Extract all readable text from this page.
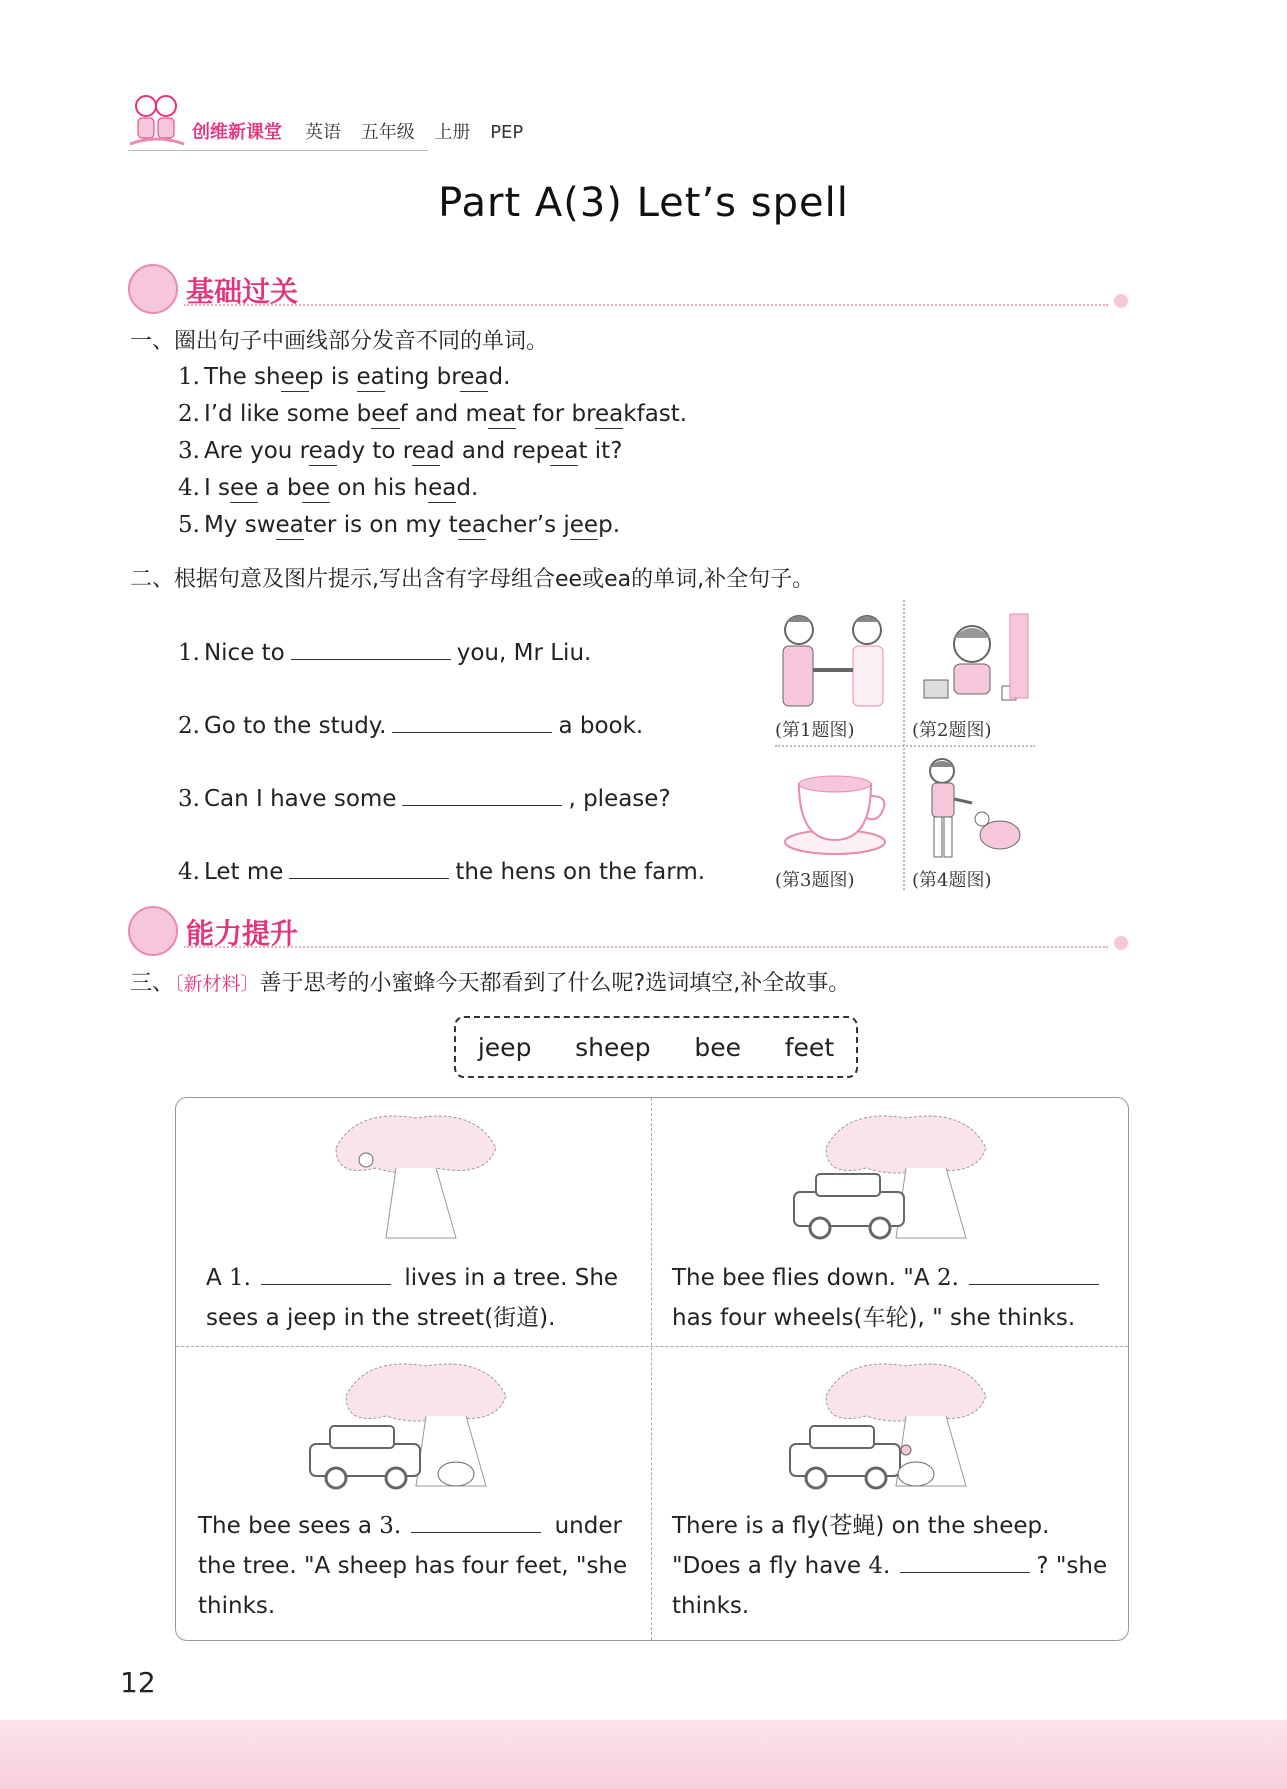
创维新课堂 英语 五年级 上册 PEP
Part A(3) Let’s spell
基础过关
一、圈出句子中画线部分发音不同的单词。
1. The sheep is eating bread.
2. I’d like some beef and meat for breakfast.
3. Are you ready to read and repeat it?
4. I see a bee on his head.
5. My sweater is on my teacher’s jeep.
二、根据句意及图片提示,写出含有字母组合ee或ea的单词,补全句子。
1. Nice to	you, Mr Liu.
2. Go to the study.	a book.
3. Can I have some	, please?
4. Let me	the hens on the farm.
(第1题图)	(第2题图)
(第3题图)	(第4题图)
能力提升
三、〔新材料〕善于思考的小蜜蜂今天都看到了什么呢?选词填空,补全故事。
jeep sheep bee feet
A 1.	lives in a tree. She
sees a jeep in the street(街道).
The bee flies down. "A 2.
has four wheels(车轮), " she thinks.
The bee sees a 3.	under
the tree. "A sheep has four feet, "she
thinks.
There is a fly(苍蝇) on the sheep.
"Does a fly have 4.	? "she
thinks.
12
